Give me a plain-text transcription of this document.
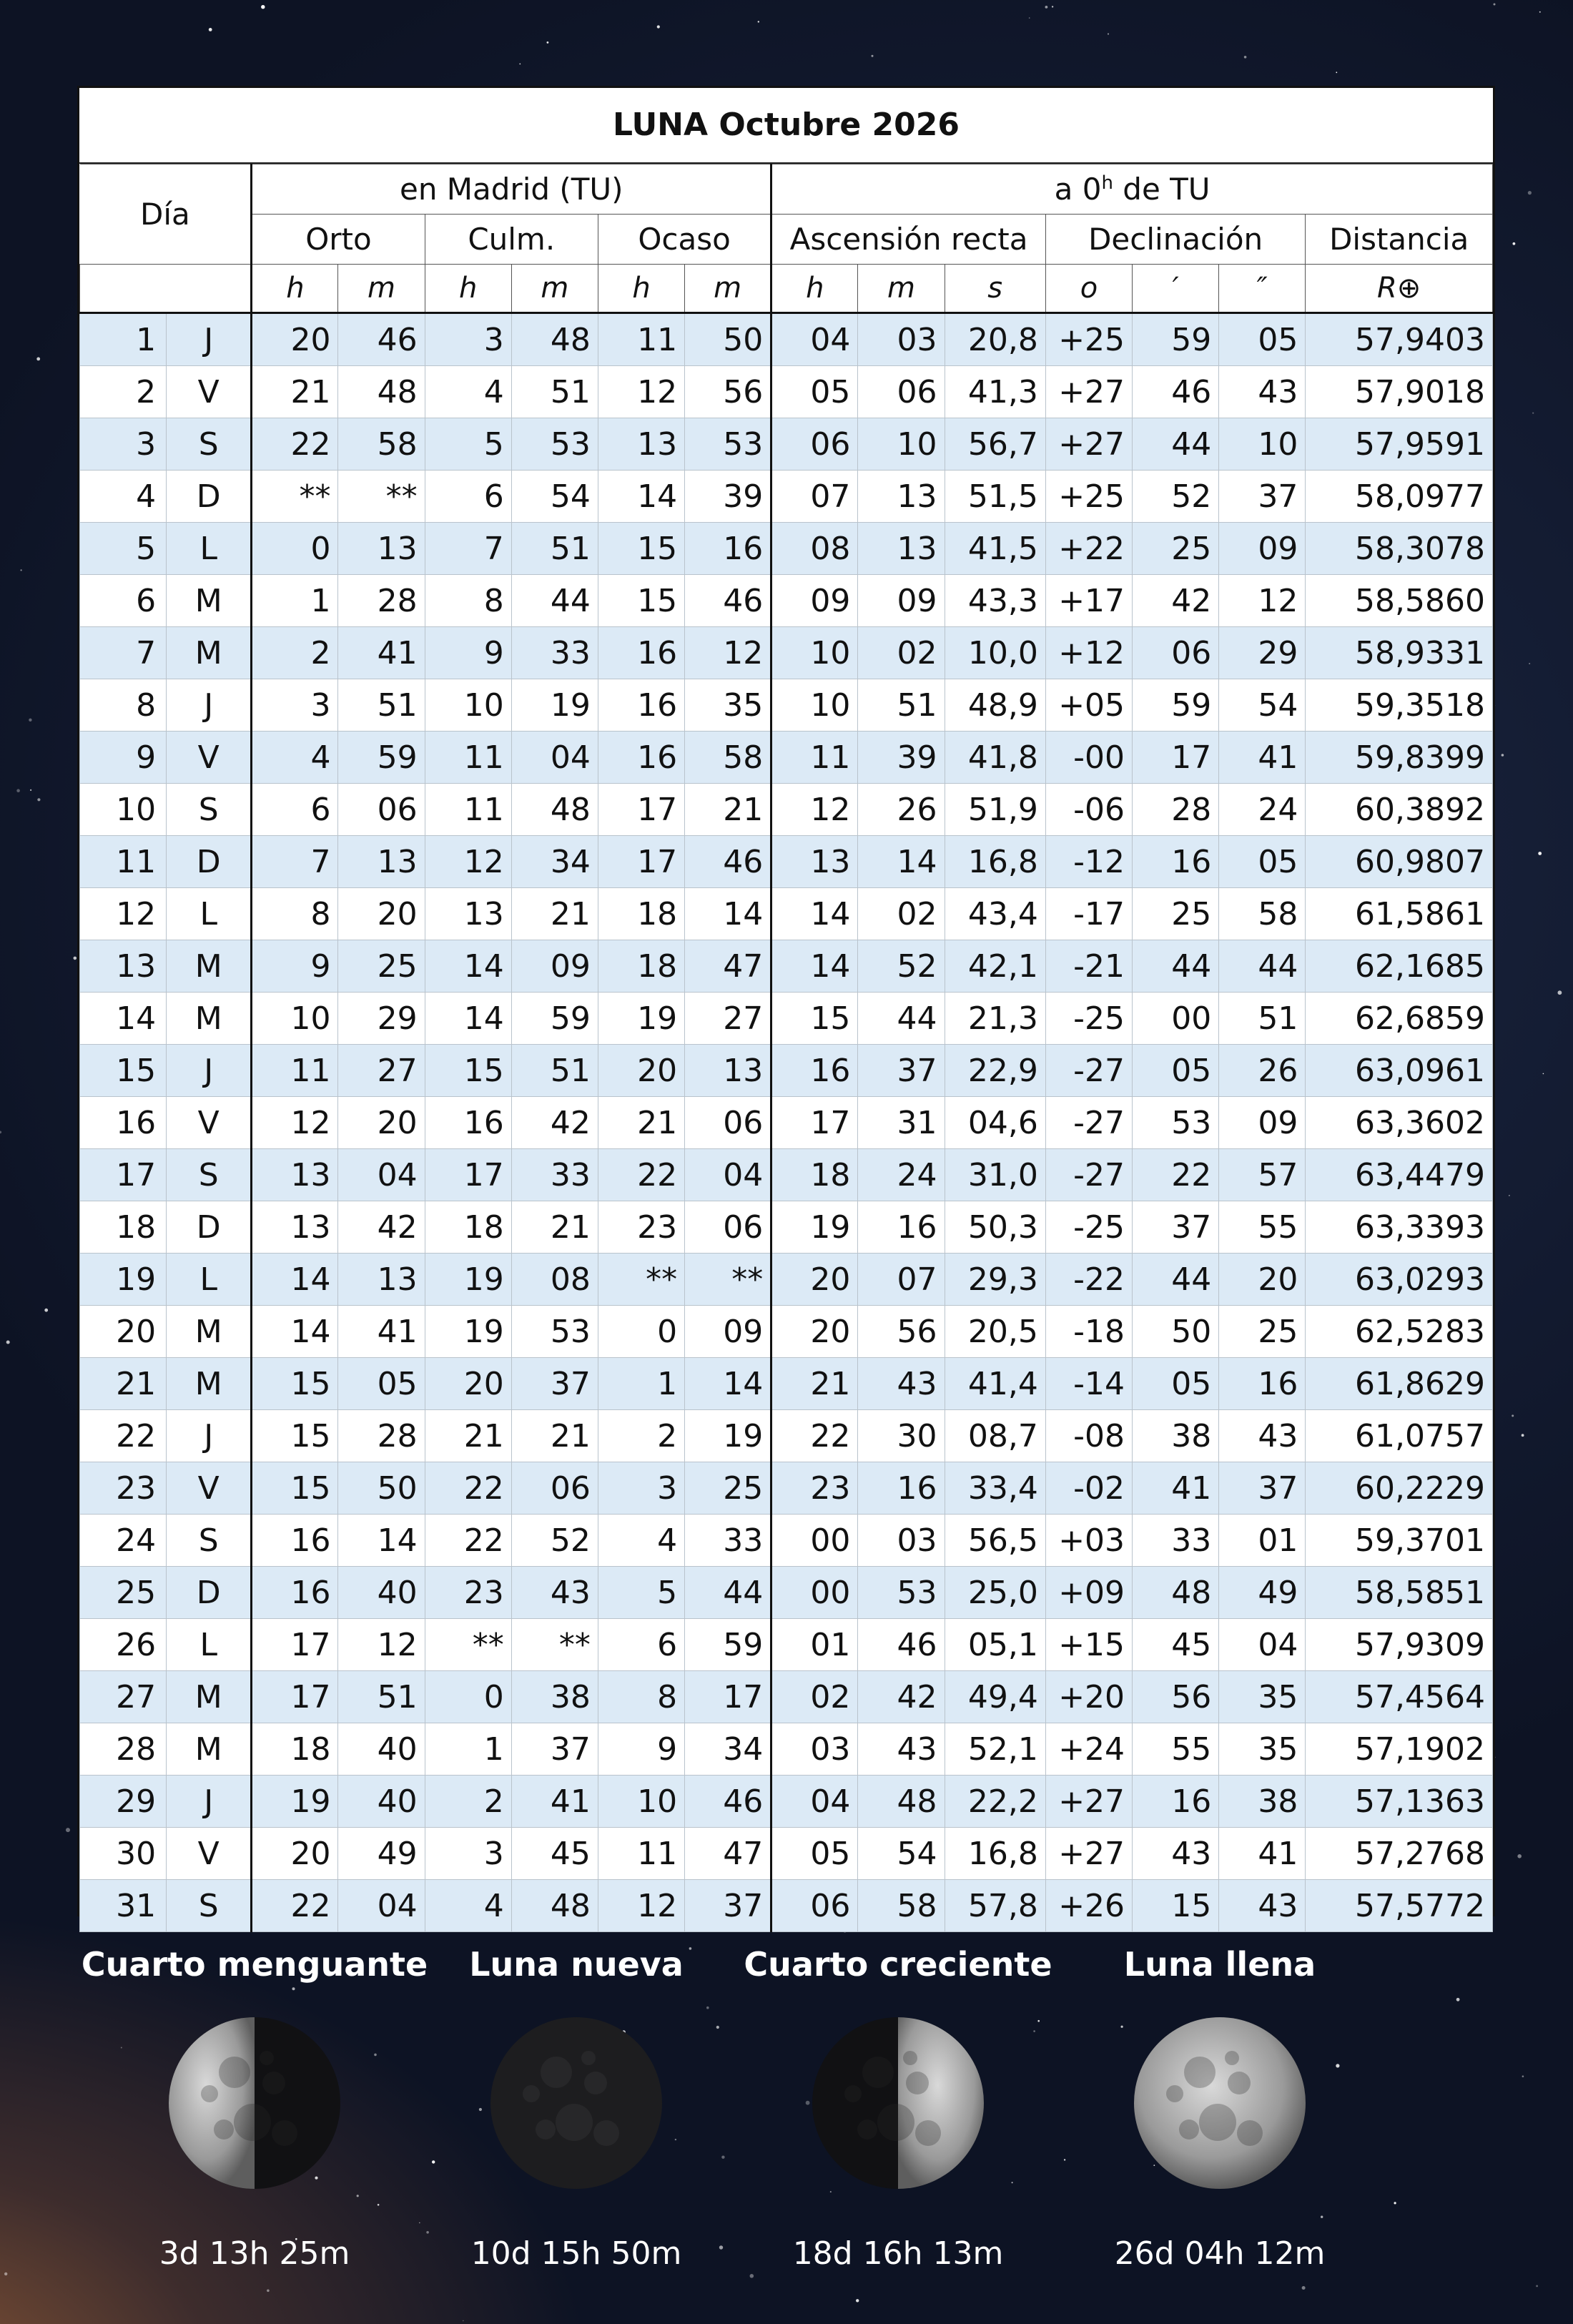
LUNA Octubre 2026
Día		en Madrid (TU)						a 0$^h$ de TU						
		Orto		Culm.		Ocaso		Ascensión recta			Declinación			Distancia
		h	m	h	m	h	m	h	m	s	o	′	″	R⊕
1	J	20	46	3	48	11	50	04	03	20,8	+25	59	05	57,9403
2	V	21	48	4	51	12	56	05	06	41,3	+27	46	43	57,9018
3	S	22	58	5	53	13	53	06	10	56,7	+27	44	10	57,9591
4	D	**	**	6	54	14	39	07	13	51,5	+25	52	37	58,0977
5	L	0	13	7	51	15	16	08	13	41,5	+22	25	09	58,3078
6	M	1	28	8	44	15	46	09	09	43,3	+17	42	12	58,5860
7	M	2	41	9	33	16	12	10	02	10,0	+12	06	29	58,9331
8	J	3	51	10	19	16	35	10	51	48,9	+05	59	54	59,3518
9	V	4	59	11	04	16	58	11	39	41,8	-00	17	41	59,8399
10	S	6	06	11	48	17	21	12	26	51,9	-06	28	24	60,3892
11	D	7	13	12	34	17	46	13	14	16,8	-12	16	05	60,9807
12	L	8	20	13	21	18	14	14	02	43,4	-17	25	58	61,5861
13	M	9	25	14	09	18	47	14	52	42,1	-21	44	44	62,1685
14	M	10	29	14	59	19	27	15	44	21,3	-25	00	51	62,6859
15	J	11	27	15	51	20	13	16	37	22,9	-27	05	26	63,0961
16	V	12	20	16	42	21	06	17	31	04,6	-27	53	09	63,3602
17	S	13	04	17	33	22	04	18	24	31,0	-27	22	57	63,4479
18	D	13	42	18	21	23	06	19	16	50,3	-25	37	55	63,3393
19	L	14	13	19	08	**	**	20	07	29,3	-22	44	20	63,0293
20	M	14	41	19	53	0	09	20	56	20,5	-18	50	25	62,5283
21	M	15	05	20	37	1	14	21	43	41,4	-14	05	16	61,8629
22	J	15	28	21	21	2	19	22	30	08,7	-08	38	43	61,0757
23	V	15	50	22	06	3	25	23	16	33,4	-02	41	37	60,2229
24	S	16	14	22	52	4	33	00	03	56,5	+03	33	01	59,3701
25	D	16	40	23	43	5	44	00	53	25,0	+09	48	49	58,5851
26	L	17	12	**	**	6	59	01	46	05,1	+15	45	04	57,9309
27	M	17	51	0	38	8	17	02	42	49,4	+20	56	35	57,4564
28	M	18	40	1	37	9	34	03	43	52,1	+24	55	35	57,1902
29	J	19	40	2	41	10	46	04	48	22,2	+27	16	38	57,1363
30	V	20	49	3	45	11	47	05	54	16,8	+27	43	41	57,2768
31	S	22	04	4	48	12	37	06	58	57,8	+26	15	43	57,5772
Cuarto menguante
3d 13h 25m
Luna nueva
10d 15h 50m
Cuarto creciente
18d 16h 13m
Luna llena
26d 04h 12m
